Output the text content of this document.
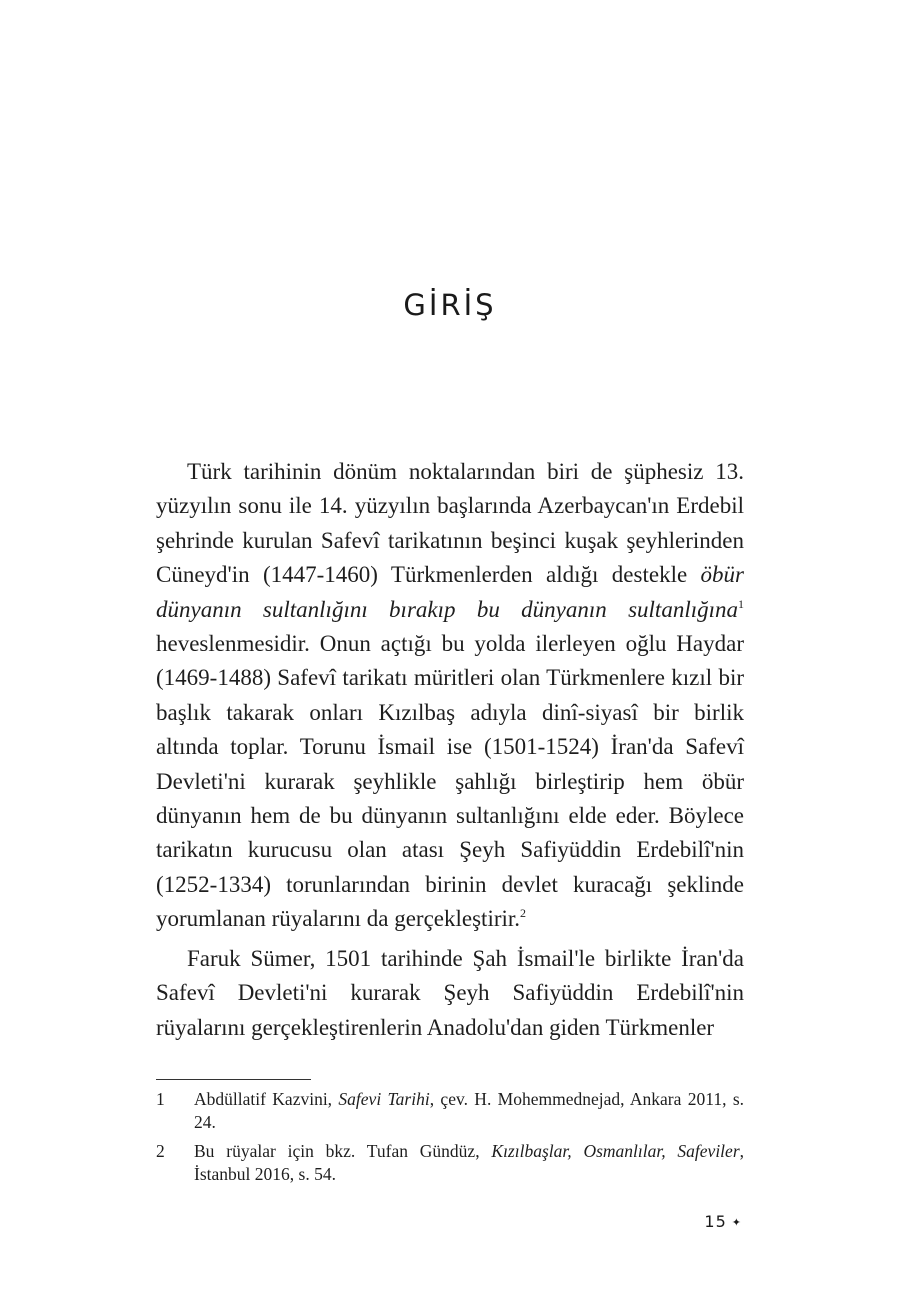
GİRİŞ

Türk tarihinin dönüm noktalarından biri de şüphesiz 13. yüzyılın sonu ile 14. yüzyılın başlarında Azerbaycan'ın Erdebil şehrinde kurulan Safevî tarikatının beşinci kuşak şeyhlerinden Cüneyd'in (1447-1460) Türkmenlerden aldığı destekle öbür dünyanın sultanlığını bırakıp bu dünyanın sultanlığına$^1$ heveslenmesidir. Onun açtığı bu yolda ilerleyen oğlu Haydar (1469-1488) Safevî tarikatı müritleri olan Türkmenlere kızıl bir başlık takarak onları Kızılbaş adıyla dinî-siyasî bir birlik altında toplar. Torunu İsmail ise (1501-1524) İran'da Safevî Devleti'ni kurarak şeyhlikle şahlığı birleştirip hem öbür dünyanın hem de bu dünyanın sultanlığını elde eder. Böylece tarikatın kurucusu olan atası Şeyh Safiyüddin Erdebilî'nin (1252-1334) torunlarından birinin devlet kuracağı şeklinde yorumlanan rüyalarını da gerçekleştirir.$^2$

Faruk Sümer, 1501 tarihinde Şah İsmail'le birlikte İran'da Safevî Devleti'ni kurarak Şeyh Safiyüddin Erdebilî'nin rüyalarını gerçekleştirenlerin Anadolu'dan giden Türkmenler

1	Abdüllatif Kazvini, Safevi Tarihi, çev. H. Mohemmednejad, Ankara 2011, s. 24.
2	Bu rüyalar için bkz. Tufan Gündüz, Kızılbaşlar, Osmanlılar, Safeviler, İstanbul 2016, s. 54.
15 ✦
